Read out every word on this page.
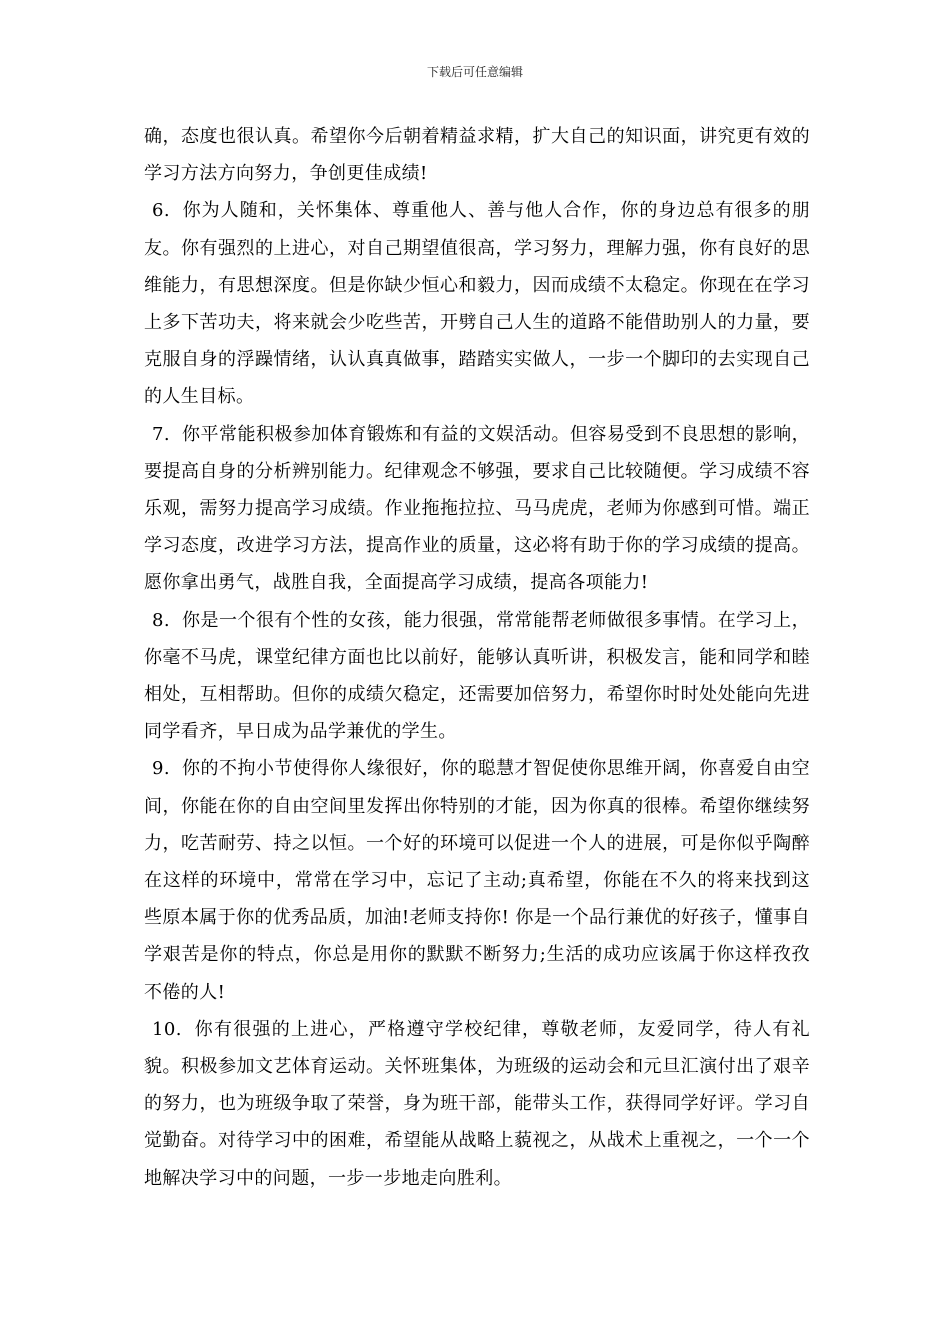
下载后可任意编辑

确，态度也很认真。希望你今后朝着精益求精，扩大自己的知识面，讲究更有效的学习方法方向努力，争创更佳成绩!

6. 你为人随和，关怀集体、尊重他人、善与他人合作，你的身边总有很多的朋友。你有强烈的上进心，对自己期望值很高，学习努力，理解力强，你有良好的思维能力，有思想深度。但是你缺少恒心和毅力，因而成绩不太稳定。你现在在学习上多下苦功夫，将来就会少吃些苦，开劈自己人生的道路不能借助别人的力量，要克服自身的浮躁情绪，认认真真做事，踏踏实实做人，一步一个脚印的去实现自己的人生目标。

7. 你平常能积极参加体育锻炼和有益的文娱活动。但容易受到不良思想的影响，要提高自身的分析辨别能力。纪律观念不够强，要求自己比较随便。学习成绩不容乐观，需努力提高学习成绩。作业拖拖拉拉、马马虎虎，老师为你感到可惜。端正学习态度，改进学习方法，提高作业的质量，这必将有助于你的学习成绩的提高。愿你拿出勇气，战胜自我，全面提高学习成绩，提高各项能力!

8. 你是一个很有个性的女孩，能力很强，常常能帮老师做很多事情。在学习上，你毫不马虎，课堂纪律方面也比以前好，能够认真听讲，积极发言，能和同学和睦相处，互相帮助。但你的成绩欠稳定，还需要加倍努力，希望你时时处处能向先进同学看齐，早日成为品学兼优的学生。

9. 你的不拘小节使得你人缘很好，你的聪慧才智促使你思维开阔，你喜爱自由空间，你能在你的自由空间里发挥出你特别的才能，因为你真的很棒。希望你继续努力，吃苦耐劳、持之以恒。一个好的环境可以促进一个人的进展，可是你似乎陶醉在这样的环境中，常常在学习中，忘记了主动;真希望，你能在不久的将来找到这些原本属于你的优秀品质，加油!老师支持你! 你是一个品行兼优的好孩子，懂事自学艰苦是你的特点，你总是用你的默默不断努力;生活的成功应该属于你这样孜孜不倦的人!

10. 你有很强的上进心，严格遵守学校纪律，尊敬老师，友爱同学，待人有礼貌。积极参加文艺体育运动。关怀班集体，为班级的运动会和元旦汇演付出了艰辛的努力，也为班级争取了荣誉，身为班干部，能带头工作，获得同学好评。学习自觉勤奋。对待学习中的困难，希望能从战略上藐视之，从战术上重视之，一个一个地解决学习中的问题，一步一步地走向胜利。
